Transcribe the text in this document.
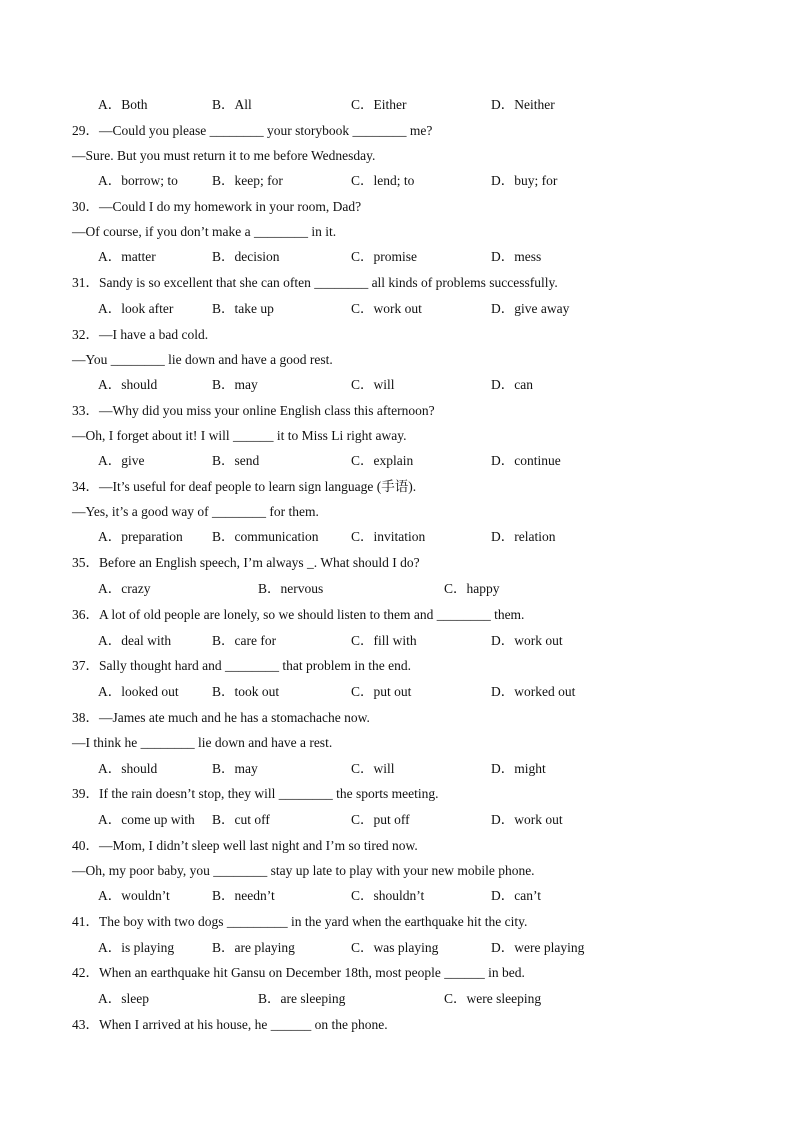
A．Both	B．All	C．Either	D．Neither
29．—Could you please ________ your storybook ________ me?
—Sure. But you must return it to me before Wednesday.
A．borrow; to	B．keep; for	C．lend; to	D．buy; for
30．—Could I do my homework in your room, Dad?
—Of course, if you don’t make a ________ in it.
A．matter	B．decision	C．promise	D．mess
31．Sandy is so excellent that she can often ________ all kinds of problems successfully.
A．look after	B．take up	C．work out	D．give away
32．—I have a bad cold.
—You ________ lie down and have a good rest.
A．should	B．may	C．will	D．can
33．—Why did you miss your online English class this afternoon?
—Oh, I forget about it! I will ______ it to Miss Li right away.
A．give	B．send	C．explain	D．continue
34．—It’s useful for deaf people to learn sign language (手语).
—Yes, it’s a good way of ________ for them.
A．preparation B．communication C．invitation	D．relation
35．Before an English speech, I’m always _. What should I do?
A．crazy	B．nervous	C．happy
36．A lot of old people are lonely, so we should listen to them and ________ them.
A．deal with	B．care for	C．fill with	D．work out
37．Sally thought hard and ________ that problem in the end.
A．looked out B．took out	C．put out	D．worked out
38．—James ate much and he has a stomachache now.
—I think he ________ lie down and have a rest.
A．should	B．may	C．will	D．might
39．If the rain doesn’t stop, they will ________ the sports meeting.
A．come up with B．cut off	C．put off	D．work out
40．—Mom, I didn’t sleep well last night and I’m so tired now.
—Oh, my poor baby, you ________ stay up late to play with your new mobile phone.
A．wouldn’t	B．needn’t	C．shouldn’t	D．can’t
41．The boy with two dogs _________ in the yard when the earthquake hit the city.
A．is playing	B．are playing	C．was playing	D．were playing
42．When an earthquake hit Gansu on December 18th, most people ______ in bed.
A．sleep	B．are sleeping	C．were sleeping
43．When I arrived at his house, he ______ on the phone.
